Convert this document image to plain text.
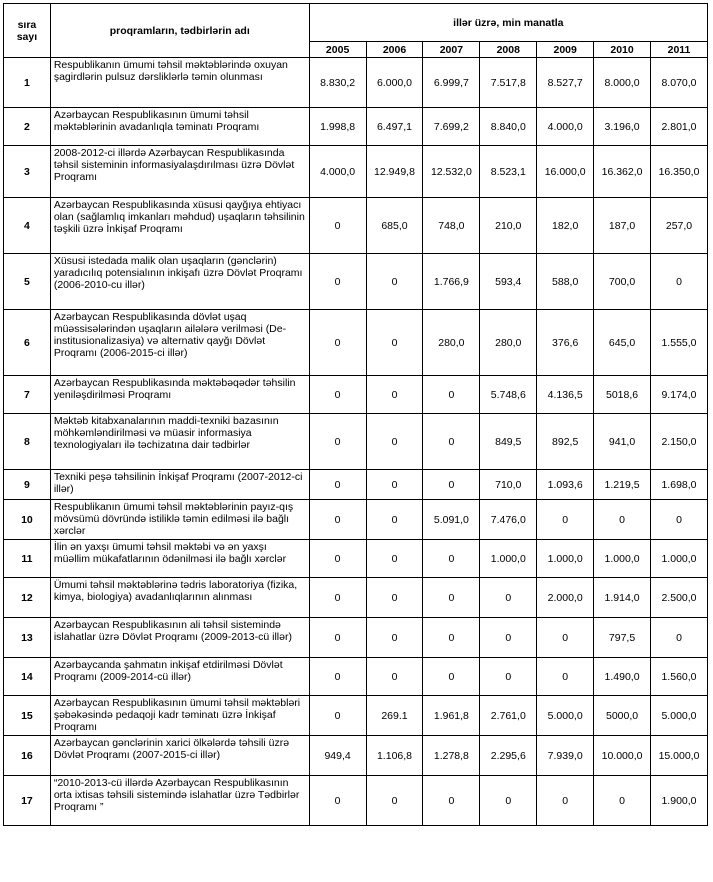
sıra sayı	proqramların, tədbirlərin adı	illər üzrə, min manatla						
		2005	2006	2007	2008	2009	2010	2011
1	Respublikanın ümumi təhsil məktəblərində oxuyan şagirdlərin pulsuz dərsliklərlə təmin olunması	8.830,2	6.000,0	6.999,7	7.517,8	8.527,7	8.000,0	8.070,0
2	Azərbaycan Respublikasının ümumi təhsil məktəblərinin avadanlıqla təminatı Proqramı	1.998,8	6.497,1	7.699,2	8.840,0	4.000,0	3.196,0	2.801,0
3	2008-2012-ci illərdə Azərbaycan Respublikasında təhsil sisteminin informasiyalaşdırılması üzrə Dövlət Proqramı	4.000,0	12.949,8	12.532,0	8.523,1	16.000,0	16.362,0	16.350,0
4	Azərbaycan Respublikasında xüsusi qayğıya ehtiyacı olan (sağlamlıq imkanları məhdud) uşaqların təhsilinin təşkili üzrə İnkişaf Proqramı	0	685,0	748,0	210,0	182,0	187,0	257,0
5	Xüsusi istedada malik olan uşaqların (gənclərin) yaradıcılıq potensialının inkişafı üzrə Dövlət Proqramı (2006-2010-cu illər)	0	0	1.766,9	593,4	588,0	700,0	0
6	Azərbaycan Respublikasında dövlət uşaq müəssisələrindən uşaqların ailələrə verilməsi (De-institusionalizasiya) və alternativ qayğı Dövlət Proqramı (2006-2015-ci illər)	0	0	280,0	280,0	376,6	645,0	1.555,0
7	Azərbaycan Respublikasında məktəbəqədər təhsilin yeniləşdirilməsi Proqramı	0	0	0	5.748,6	4.136,5	5018,6	9.174,0
8	Məktəb kitabxanalarının maddi-texniki bazasının möhkəmləndirilməsi və müasir informasiya texnologiyaları ilə təchizatına dair tədbirlər	0	0	0	849,5	892,5	941,0	2.150,0
9	Texniki peşə təhsilinin İnkişaf Proqramı (2007-2012-ci illər)	0	0	0	710,0	1.093,6	1.219,5	1.698,0
10	Respublikanın ümumi təhsil məktəblərinin payız-qış mövsümü dövründə istiliklə təmin edilməsi ilə bağlı xərclər	0	0	5.091,0	7.476,0	0	0	0
11	İlin ən yaxşı ümumi təhsil məktəbi və ən yaxşı müəllim mükafatlarının ödənilməsi ilə bağlı xərclər	0	0	0	1.000,0	1.000,0	1.000,0	1.000,0
12	Ümumi təhsil məktəblərinə tədris laboratoriya (fizika, kimya, biologiya) avadanlıqlarının alınması	0	0	0	0	2.000,0	1.914,0	2.500,0
13	Azərbaycan Respublikasının ali təhsil sistemində islahatlar üzrə Dövlət Proqramı (2009-2013-cü illər)	0	0	0	0	0	797,5	0
14	Azərbaycanda şahmatın inkişaf etdirilməsi Dövlət Proqramı (2009-2014-cü illər)	0	0	0	0	0	1.490,0	1.560,0
15	Azərbaycan Respublikasının ümumi təhsil məktəbləri şəbəkəsində pedaqoji kadr təminatı üzrə İnkişaf Proqramı	0	269.1	1.961,8	2.761,0	5.000,0	5000,0	5.000,0
16	Azərbaycan gənclərinin xarici ölkələrdə təhsili üzrə Dövlət Proqramı (2007-2015-ci illər)	949,4	1.106,8	1.278,8	2.295,6	7.939,0	10.000,0	15.000,0
17	“2010-2013-cü illərdə Azərbaycan Respublikasının orta ixtisas təhsili sistemində islahatlar üzrə Tədbirlər Proqramı ”	0	0	0	0	0	0	1.900,0
